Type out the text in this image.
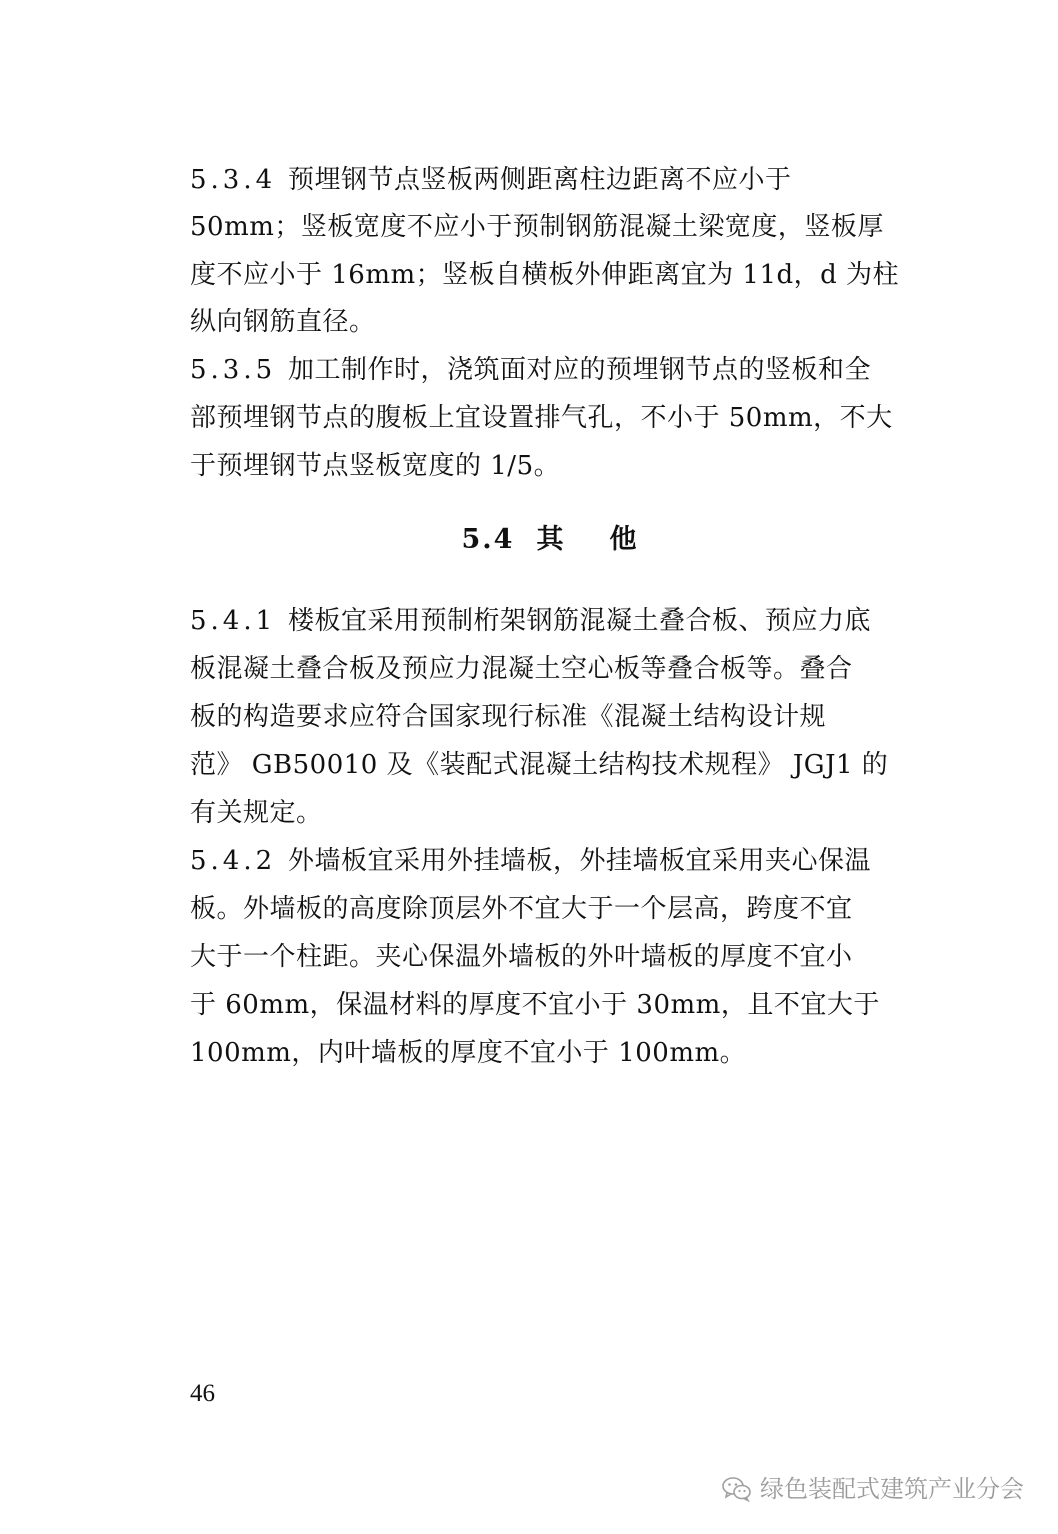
5.3.4 预埋钢节点竖板两侧距离柱边距离不应小于
50mm；竖板宽度不应小于预制钢筋混凝土梁宽度，竖板厚
度不应小于 16mm；竖板自横板外伸距离宜为 11d，d 为柱
纵向钢筋直径。
5.3.5 加工制作时，浇筑面对应的预埋钢节点的竖板和全
部预埋钢节点的腹板上宜设置排气孔，不小于 50mm，不大
于预埋钢节点竖板宽度的 1/5。
5.4 其他
5.4.1 楼板宜采用预制桁架钢筋混凝土叠合板、预应力底
板混凝土叠合板及预应力混凝土空心板等叠合板等。叠合
板的构造要求应符合国家现行标准《混凝土结构设计规
范》 GB50010 及《装配式混凝土结构技术规程》 JGJ1 的
有关规定。
5.4.2 外墙板宜采用外挂墙板，外挂墙板宜采用夹心保温
板。外墙板的高度除顶层外不宜大于一个层高，跨度不宜
大于一个柱距。夹心保温外墙板的外叶墙板的厚度不宜小
于 60mm，保温材料的厚度不宜小于 30mm，且不宜大于
100mm，内叶墙板的厚度不宜小于 100mm。
46
绿色装配式建筑产业分会
